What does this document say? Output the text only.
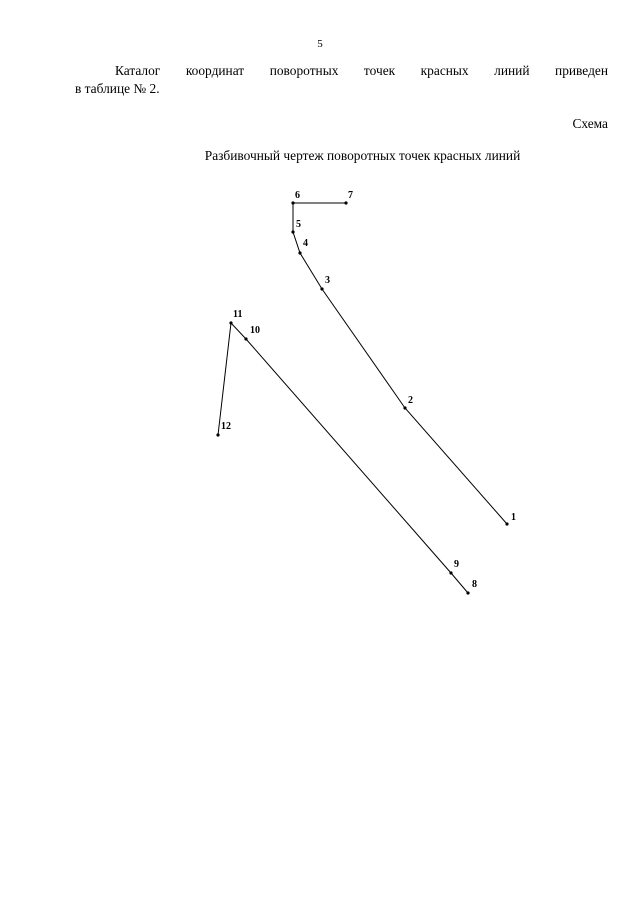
5

Каталог координат поворотных точек красных линий приведен
в таблице № 2.

Схема
Разбивочный чертеж поворотных точек красных линий
1
2
3
4
5
6	7
8
9
10
11
12
